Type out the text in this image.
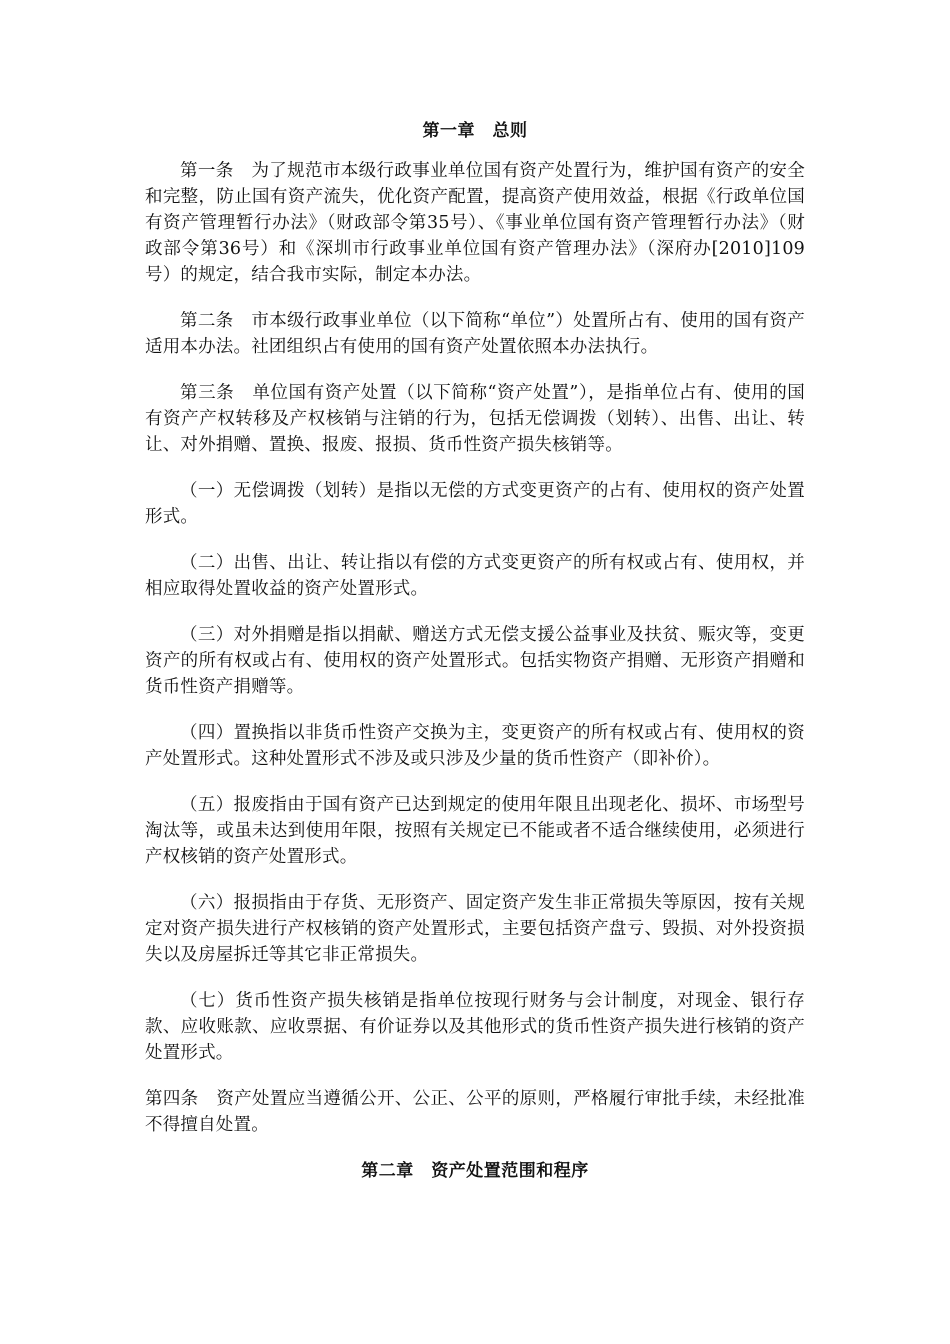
第一章　总则

第一条　为了规范市本级行政事业单位国有资产处置行为，维护国有资产的安全和完整，防止国有资产流失，优化资产配置，提高资产使用效益，根据《行政单位国有资产管理暂行办法》（财政部令第35号）、《事业单位国有资产管理暂行办法》（财政部令第36号）和《深圳市行政事业单位国有资产管理办法》（深府办[2010]109号）的规定，结合我市实际，制定本办法。

第二条　市本级行政事业单位（以下简称“单位”）处置所占有、使用的国有资产适用本办法。社团组织占有使用的国有资产处置依照本办法执行。

第三条　单位国有资产处置（以下简称“资产处置”），是指单位占有、使用的国有资产产权转移及产权核销与注销的行为，包括无偿调拨（划转）、出售、出让、转让、对外捐赠、置换、报废、报损、货币性资产损失核销等。

（一）无偿调拨（划转）是指以无偿的方式变更资产的占有、使用权的资产处置形式。

（二）出售、出让、转让指以有偿的方式变更资产的所有权或占有、使用权，并相应取得处置收益的资产处置形式。

（三）对外捐赠是指以捐献、赠送方式无偿支援公益事业及扶贫、赈灾等，变更资产的所有权或占有、使用权的资产处置形式。包括实物资产捐赠、无形资产捐赠和货币性资产捐赠等。

（四）置换指以非货币性资产交换为主，变更资产的所有权或占有、使用权的资产处置形式。这种处置形式不涉及或只涉及少量的货币性资产（即补价）。

（五）报废指由于国有资产已达到规定的使用年限且出现老化、损坏、市场型号淘汰等，或虽未达到使用年限，按照有关规定已不能或者不适合继续使用，必须进行产权核销的资产处置形式。

（六）报损指由于存货、无形资产、固定资产发生非正常损失等原因，按有关规定对资产损失进行产权核销的资产处置形式，主要包括资产盘亏、毁损、对外投资损失以及房屋拆迁等其它非正常损失。

（七）货币性资产损失核销是指单位按现行财务与会计制度，对现金、银行存款、应收账款、应收票据、有价证券以及其他形式的货币性资产损失进行核销的资产处置形式。

第四条　资产处置应当遵循公开、公正、公平的原则，严格履行审批手续，未经批准不得擅自处置。

第二章　资产处置范围和程序
